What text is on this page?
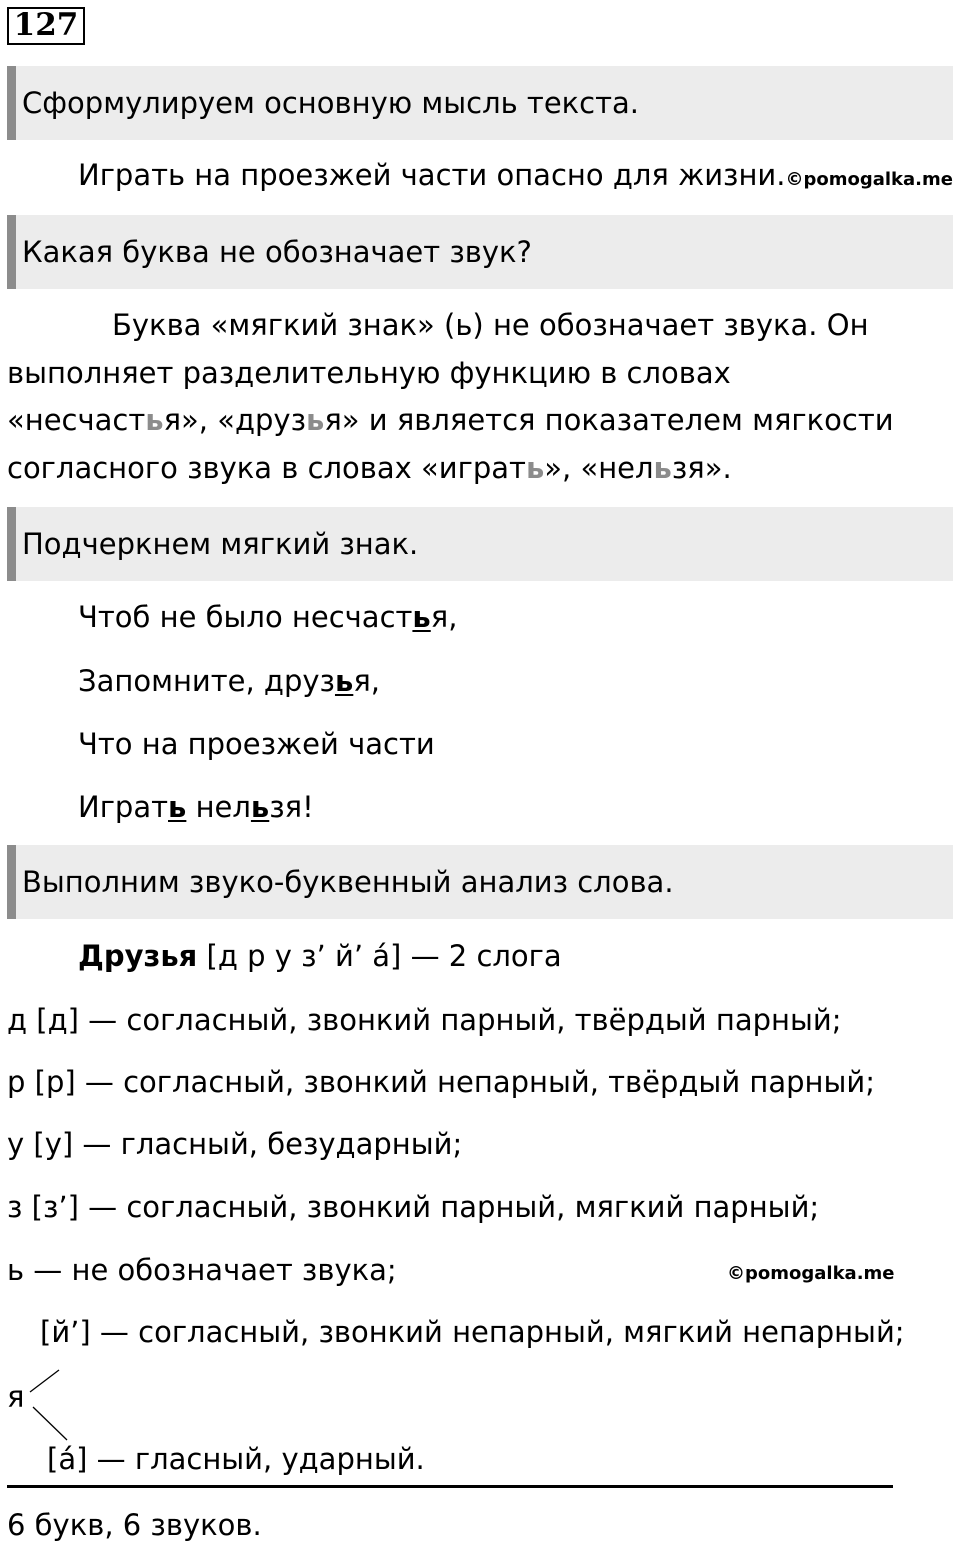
127
Сформулируем основную мысль текста.
Играть на проезжей части опасно для жизни.©pomogalka.me
Какая буква не обозначает звук?
Буква «мягкий знак» (ь) не обозначает звука. Он
выполняет разделительную функцию в словах
«несчастья», «друзья» и является показателем мягкости
согласного звука в словах «играть», «нельзя».
Подчеркнем мягкий знак.
Чтоб не было несчастья,
Запомните, друзья,
Что на проезжей части
Играть нельзя!
Выполним звуко-буквенный анализ слова.
Друзья [д р у з’ й’ а́] — 2 слога
д [д] — согласный, звонкий парный, твёрдый парный;
р [р] — согласный, звонкий непарный, твёрдый парный;
у [у] — гласный, безударный;
з [з’] — согласный, звонкий парный, мягкий парный;
ь — не обозначает звука;	©pomogalka.me
[й’] — согласный, звонкий непарный, мягкий непарный;
я
[а́] — гласный, ударный.
6 букв, 6 звуков.
